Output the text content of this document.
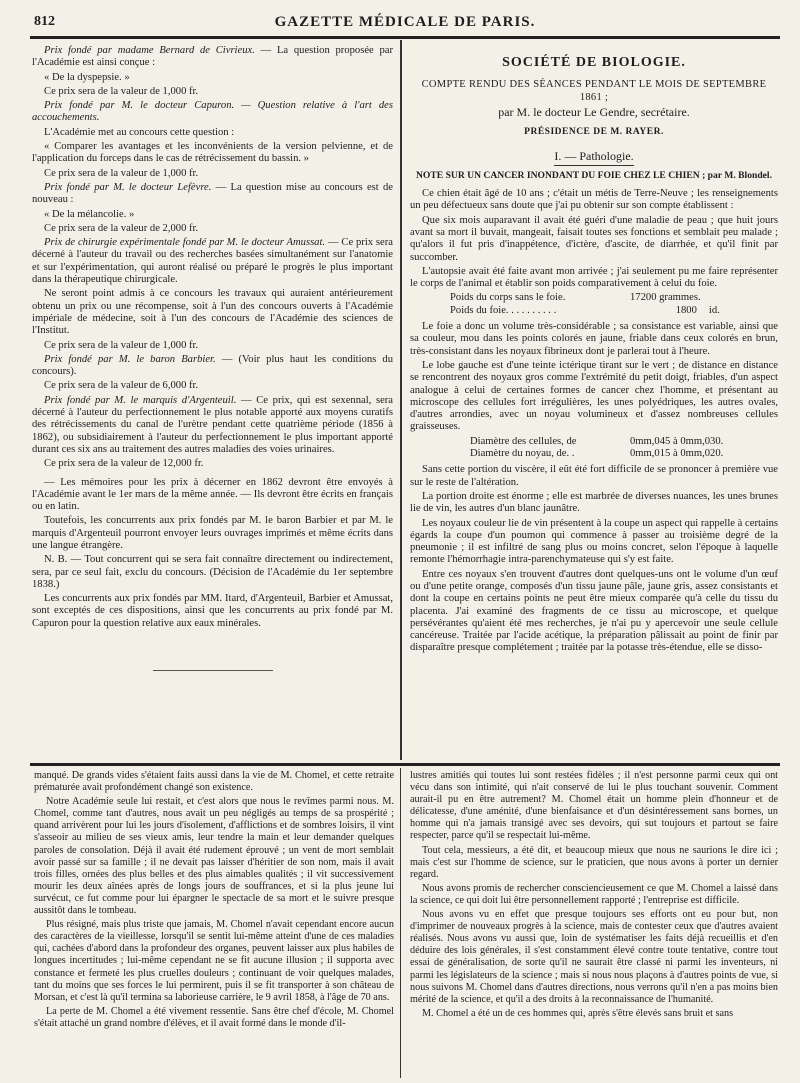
812	GAZETTE MÉDICALE DE PARIS.

Prix fondé par madame Bernard de Civrieux. — La question proposée par l'Académie est ainsi conçue :

« De la dyspepsie. »

Ce prix sera de la valeur de 1,000 fr.

Prix fondé par M. le docteur Capuron. — Question relative à l'art des accouchements.

L'Académie met au concours cette question :

« Comparer les avantages et les inconvénients de la version pelvienne, et de l'application du forceps dans le cas de rétrécissement du bassin. »

Ce prix sera de la valeur de 1,000 fr.

Prix fondé par M. le docteur Lefèvre. — La question mise au concours est de nouveau :

« De la mélancolie. »

Ce prix sera de la valeur de 2,000 fr.

Prix de chirurgie expérimentale fondé par M. le docteur Amussat. — Ce prix sera décerné à l'auteur du travail ou des recherches basées simultanément sur l'anatomie et sur l'expérimentation, qui auront réalisé ou préparé le progrès le plus important dans la thérapeutique chirurgicale.

Ne seront point admis à ce concours les travaux qui auraient antérieurement obtenu un prix ou une récompense, soit à l'un des concours ouverts à l'Académie impériale de médecine, soit à l'un des concours de l'Académie des sciences de l'Institut.

Ce prix sera de la valeur de 1,000 fr.

Prix fondé par M. le baron Barbier. — (Voir plus haut les conditions du concours).

Ce prix sera de la valeur de 6,000 fr.

Prix fondé par M. le marquis d'Argenteuil. — Ce prix, qui est sexennal, sera décerné à l'auteur du perfectionnement le plus notable apporté aux moyens curatifs des rétrécissements du canal de l'urètre pendant cette quatrième période (1856 à 1862), ou subsidiairement à l'auteur du perfectionnement le plus important apporté durant ces six ans au traitement des autres maladies des voies urinaires.

Ce prix sera de la valeur de 12,000 fr.

— Les mémoires pour les prix à décerner en 1862 devront être envoyés à l'Académie avant le 1er mars de la même année. — Ils devront être écrits en français ou en latin.

Toutefois, les concurrents aux prix fondés par M. le baron Barbier et par M. le marquis d'Argenteuil pourront envoyer leurs ouvrages imprimés et même écrits dans une langue étrangère.

N. B. — Tout concurrent qui se sera fait connaître directement ou indirectement, sera, par ce seul fait, exclu du concours. (Décision de l'Académie du 1er septembre 1838.)

Les concurrents aux prix fondés par MM. Itard, d'Argenteuil, Barbier et Amussat, sont exceptés de ces dispositions, ainsi que les concurrents au prix fondé par M. Capuron pour la question relative aux eaux minérales.

SOCIÉTÉ DE BIOLOGIE.
COMPTE RENDU DES SÉANCES PENDANT LE MOIS DE SEPTEMBRE 1861 ;
par M. le docteur Le Gendre, secrétaire.
PRÉSIDENCE DE M. RAYER.
I. — Pathologie.
NOTE SUR UN CANCER INONDANT DU FOIE CHEZ LE CHIEN ; par M. Blondel.

Ce chien était âgé de 10 ans ; c'était un métis de Terre-Neuve ; les renseignements un peu défectueux sans doute que j'ai pu obtenir sur son compte établissent :

Que six mois auparavant il avait été guéri d'une maladie de peau ; que huit jours avant sa mort il buvait, mangeait, faisait toutes ses fonctions et semblait peu malade ; qu'alors il fut pris d'inappétence, d'ictère, d'ascite, de diarrhée, et qu'il finit par succomber.

L'autopsie avait été faite avant mon arrivée ; j'ai seulement pu me faire représenter le corps de l'animal et établir son poids comparativement à celui du foie.

Poids du corps sans le foie.	17200 grammes.
Poids du foie. . . . . . . . . .	1800	id.

Le foie a donc un volume très-considérable ; sa consistance est variable, ainsi que sa couleur, mou dans les points colorés en jaune, friable dans ceux colorés en brun, très-consistant dans les noyaux fibrineux dont je parlerai tout à l'heure.

Le lobe gauche est d'une teinte ictérique tirant sur le vert ; de distance en distance se rencontrent des noyaux gros comme l'extrémité du petit doigt, friables, d'un aspect analogue à celui de certaines formes de cancer chez l'homme, et présentant au microscope des cellules fort irrégulières, les unes polyédriques, les autres ovales, d'autres arrondies, avec un noyau volumineux et d'assez nombreuses cellules graisseuses.

Diamètre des cellules, de	0mm,045 à 0mm,030.
Diamètre du noyau, de. .	0mm,015 à 0mm,020.

Sans cette portion du viscère, il eût été fort difficile de se prononcer à première vue sur le reste de l'altération.

La portion droite est énorme ; elle est marbrée de diverses nuances, les unes brunes lie de vin, les autres d'un blanc jaunâtre.

Les noyaux couleur lie de vin présentent à la coupe un aspect qui rappelle à certains égards la coupe d'un poumon qui commence à passer au troisième degré de la pneumonie ; il est infiltré de sang plus ou moins concret, selon l'époque à laquelle remonte l'hémorrhagie intra-parenchymateuse qui s'y est faite.

Entre ces noyaux s'en trouvent d'autres dont quelques-uns ont le volume d'un œuf ou d'une petite orange, composés d'un tissu jaune pâle, jaune gris, assez consistants et dont la coupe en certains points ne peut être mieux comparée qu'à celle du tissu du placenta. J'ai examiné des fragments de ce tissu au microscope, et quelque persévérantes qu'aient été mes recherches, je n'ai pu y apercevoir une seule cellule cancéreuse. Traitée par l'acide acétique, la préparation pâlissait au point de finir par disparaître presque complétement ; traitée par la potasse très-étendue, elle se disso-

manqué. De grands vides s'étaient faits aussi dans la vie de M. Chomel, et cette retraite prématurée avait profondément changé son existence.

Notre Académie seule lui restait, et c'est alors que nous le revîmes parmi nous. M. Chomel, comme tant d'autres, nous avait un peu négligés au temps de sa prospérité ; quand arrivèrent pour lui les jours d'isolement, d'afflictions et de sombres loisirs, il vint s'asseoir au milieu de ses vieux amis, leur tendre la main et leur demander quelques paroles de consolation. Déjà il avait été rudement éprouvé ; un vent de mort semblait avoir passé sur sa famille ; il ne devait pas laisser d'héritier de son nom, mais il avait trois filles, ornées des plus belles et des plus aimables qualités ; il vit successivement mourir les deux aînées après de longs jours de souffrances, et si la plus jeune lui survécut, ce fut comme pour lui épargner le spectacle de sa mort et le suivre presque aussitôt dans le tombeau.

Plus résigné, mais plus triste que jamais, M. Chomel n'avait cependant encore aucun des caractères de la vieillesse, lorsqu'il se sentit lui-même atteint d'une de ces maladies qui, cachées d'abord dans la profondeur des organes, peuvent laisser aux plus habiles de longues incertitudes ; lui-même cependant ne se fit aucune illusion ; il supporta avec constance et fermeté les plus cruelles douleurs ; continuant de voir quelques malades, tant du moins que ses forces le lui permirent, puis il se fit transporter à son château de Morsan, et c'est là qu'il termina sa laborieuse carrière, le 9 avril 1858, à l'âge de 70 ans.

La perte de M. Chomel a été vivement ressentie. Sans être chef d'école, M. Chomel s'était attaché un grand nombre d'élèves, et il avait formé dans le monde d'il-

lustres amitiés qui toutes lui sont restées fidèles ; il n'est personne parmi ceux qui ont vécu dans son intimité, qui n'ait conservé de lui le plus touchant souvenir. Comment aurait-il pu en être autrement? M. Chomel était un homme plein d'honneur et de délicatesse, d'une aménité, d'une bienfaisance et d'un désintéressement sans bornes, un homme qui n'a jamais transigé avec ses devoirs, qui sut toujours et partout se faire respecter, parce qu'il se respectait lui-même.

Tout cela, messieurs, a été dit, et beaucoup mieux que nous ne saurions le dire ici ; mais c'est sur l'homme de science, sur le praticien, que nous avons à porter un dernier regard.

Nous avons promis de rechercher consciencieusement ce que M. Chomel a laissé dans la science, ce qui doit lui être personnellement rapporté ; l'entreprise est difficile.

Nous avons vu en effet que presque toujours ses efforts ont eu pour but, non d'imprimer de nouveaux progrès à la science, mais de contester ceux que d'autres avaient réalisés. Nous avons vu aussi que, loin de systématiser les faits déjà recueillis et d'en déduire des lois générales, il s'est constamment élevé contre toute tentative, contre tout essai de généralisation, de sorte qu'il ne saurait être classé ni parmi les inventeurs, ni parmi les législateurs de la science ; mais si nous nous plaçons à d'autres points de vue, si nous suivons M. Chomel dans d'autres directions, nous verrons qu'il n'en a pas moins bien mérité de la science, et qu'il a des droits à la reconnaissance de l'humanité.

M. Chomel a été un de ces hommes qui, après s'être élevés sans bruit et sans
